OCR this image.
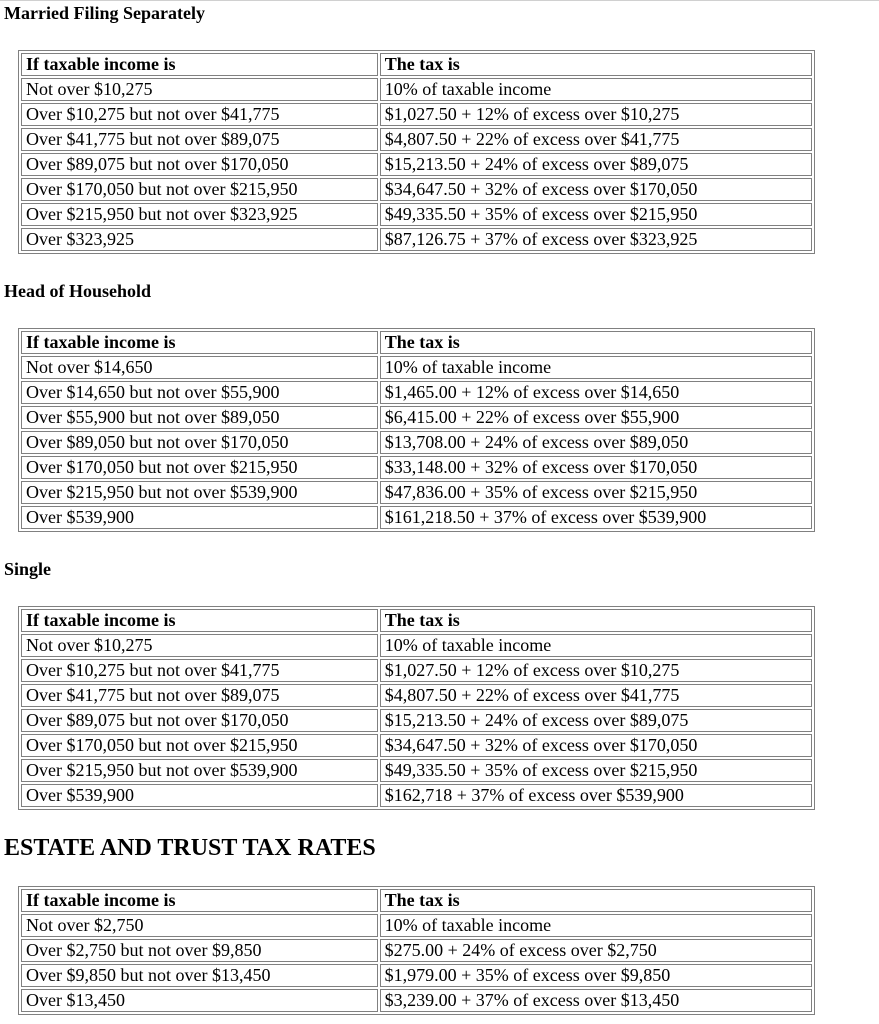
Married Filing Separately
If taxable income is	The tax is
Not over $10,275	10% of taxable income
Over $10,275 but not over $41,775	$1,027.50 + 12% of excess over $10,275
Over $41,775 but not over $89,075	$4,807.50 + 22% of excess over $41,775
Over $89,075 but not over $170,050	$15,213.50 + 24% of excess over $89,075
Over $170,050 but not over $215,950	$34,647.50 + 32% of excess over $170,050
Over $215,950 but not over $323,925	$49,335.50 + 35% of excess over $215,950
Over $323,925	$87,126.75 + 37% of excess over $323,925
Head of Household
If taxable income is	The tax is
Not over $14,650	10% of taxable income
Over $14,650 but not over $55,900	$1,465.00 + 12% of excess over $14,650
Over $55,900 but not over $89,050	$6,415.00 + 22% of excess over $55,900
Over $89,050 but not over $170,050	$13,708.00 + 24% of excess over $89,050
Over $170,050 but not over $215,950	$33,148.00 + 32% of excess over $170,050
Over $215,950 but not over $539,900	$47,836.00 + 35% of excess over $215,950
Over $539,900	$161,218.50 + 37% of excess over $539,900
Single
If taxable income is	The tax is
Not over $10,275	10% of taxable income
Over $10,275 but not over $41,775	$1,027.50 + 12% of excess over $10,275
Over $41,775 but not over $89,075	$4,807.50 + 22% of excess over $41,775
Over $89,075 but not over $170,050	$15,213.50 + 24% of excess over $89,075
Over $170,050 but not over $215,950	$34,647.50 + 32% of excess over $170,050
Over $215,950 but not over $539,900	$49,335.50 + 35% of excess over $215,950
Over $539,900	$162,718 + 37% of excess over $539,900
ESTATE AND TRUST TAX RATES
If taxable income is	The tax is
Not over $2,750	10% of taxable income
Over $2,750 but not over $9,850	$275.00 + 24% of excess over $2,750
Over $9,850 but not over $13,450	$1,979.00 + 35% of excess over $9,850
Over $13,450	$3,239.00 + 37% of excess over $13,450
